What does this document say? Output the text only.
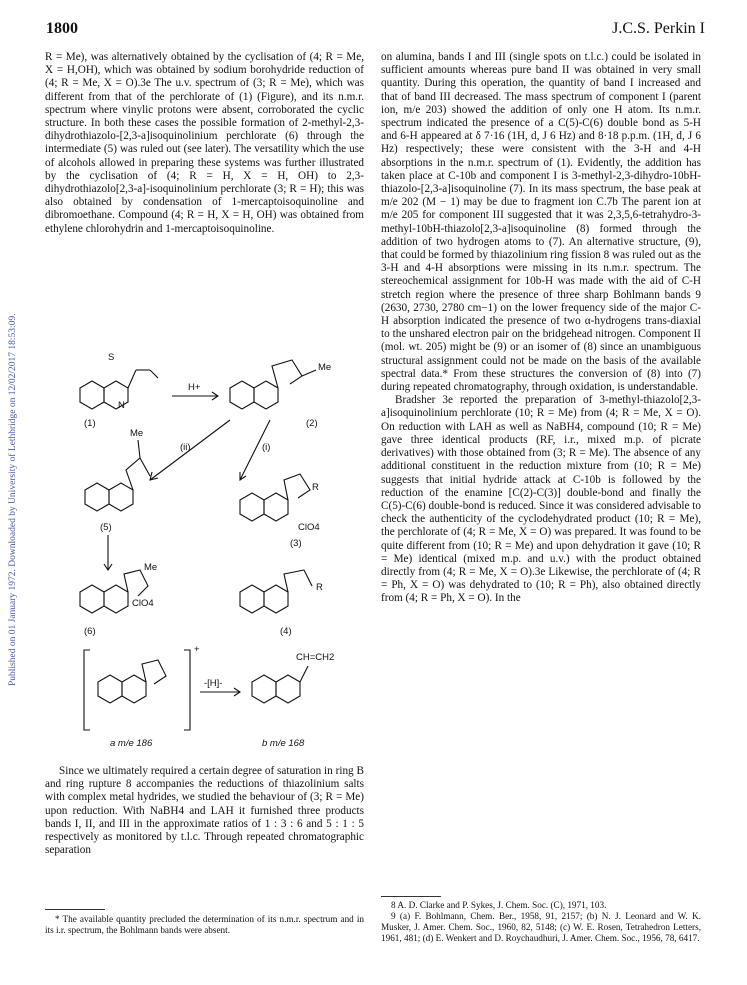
1800	J.C.S. Perkin I
Published on 01 January 1972. Downloaded by University of Lethbridge on 12/02/2017 18:53:09.

R = Me), was alternatively obtained by the cyclisation of (4; R = Me, X = H,OH), which was obtained by sodium borohydride reduction of (4; R = Me, X = O).3e The u.v. spectrum of (3; R = Me), which was different from that of the perchlorate of (1) (Figure), and its n.m.r. spectrum where vinylic protons were absent, corroborated the cyclic structure. In both these cases the possible formation of 2-methyl-2,3-dihydrothiazolo-[2,3-a]isoquinolinium perchlorate (6) through the intermediate (5) was ruled out (see later). The versatility which the use of alcohols allowed in preparing these systems was further illustrated by the cyclisation of (4; R = H, X = H, OH) to 2,3-dihydrothiazolo[2,3-a]-isoquinolinium perchlorate (3; R = H); this was also obtained by condensation of 1-mercaptoisoquinoline and dibromoethane. Compound (4; R = H, X = H, OH) was obtained from ethylene chlorohydrin and 1-mercaptoisoquinoline.

S
N
H+
Me
(1)	(2)
(ii)	(i)
Me
(5)
R
ClO4
(3)
Me
ClO4
(6)
R
(4)
+
CH=CH2
-[H]-
a m/e 186	b m/e 168

Since we ultimately required a certain degree of saturation in ring B and ring rupture 8 accompanies the reductions of thiazolinium salts with complex metal hydrides, we studied the behaviour of (3; R = Me) upon reduction. With NaBH4 and LAH it furnished three products bands I, II, and III in the approximate ratios of 1 : 3 : 6 and 5 : 1 : 5 respectively as monitored by t.l.c. Through repeated chromatographic separation

* The available quantity precluded the determination of its n.m.r. spectrum and in its i.r. spectrum, the Bohlmann bands were absent.

on alumina, bands I and III (single spots on t.l.c.) could be isolated in sufficient amounts whereas pure band II was obtained in very small quantity. During this operation, the quantity of band I increased and that of band III decreased. The mass spectrum of component I (parent ion, m/e 203) showed the addition of only one H atom. Its n.m.r. spectrum indicated the presence of a C(5)-C(6) double bond as 5-H and 6-H appeared at δ 7·16 (1H, d, J 6 Hz) and 8·18 p.p.m. (1H, d, J 6 Hz) respectively; these were consistent with the 3-H and 4-H absorptions in the n.m.r. spectrum of (1). Evidently, the addition has taken place at C-10b and component I is 3-methyl-2,3-dihydro-10bH-thiazolo-[2,3-a]isoquinoline (7). In its mass spectrum, the base peak at m/e 202 (M − 1) may be due to fragment ion C.7b The parent ion at m/e 205 for component III suggested that it was 2,3,5,6-tetrahydro-3-methyl-10bH-thiazolo[2,3-a]isoquinoline (8) formed through the addition of two hydrogen atoms to (7). An alternative structure, (9), that could be formed by thiazolinium ring fission 8 was ruled out as the 3-H and 4-H absorptions were missing in its n.m.r. spectrum. The stereochemical assignment for 10b-H was made with the aid of C-H stretch region where the presence of three sharp Bohlmann bands 9 (2630, 2730, 2780 cm−1) on the lower frequency side of the major C-H absorption indicated the presence of two α-hydrogens trans-diaxial to the unshared electron pair on the bridgehead nitrogen. Component II (mol. wt. 205) might be (9) or an isomer of (8) since an unambiguous structural assignment could not be made on the basis of the available spectral data.* From these structures the conversion of (8) into (7) during repeated chromatography, through oxidation, is understandable.

Bradsher 3e reported the preparation of 3-methyl-thiazolo[2,3-a]isoquinolinium perchlorate (10; R = Me) from (4; R = Me, X = O). On reduction with LAH as well as NaBH4, compound (10; R = Me) gave three identical products (RF, i.r., mixed m.p. of picrate derivatives) with those obtained from (3; R = Me). The absence of any additional constituent in the reduction mixture from (10; R = Me) suggests that initial hydride attack at C-10b is followed by the reduction of the enamine [C(2)-C(3)] double-bond and finally the C(5)-C(6) double-bond is reduced. Since it was considered advisable to check the authenticity of the cyclodehydrated product (10; R = Me), the perchlorate of (4; R = Me, X = O) was prepared. It was found to be quite different from (10; R = Me) and upon dehydration it gave (10; R = Me) identical (mixed m.p. and u.v.) with the product obtained directly from (4; R = Me, X = O).3e Likewise, the perchlorate of (4; R = Ph, X = O) was dehydrated to (10; R = Ph), also obtained directly from (4; R = Ph, X = O). In the

8 A. D. Clarke and P. Sykes, J. Chem. Soc. (C), 1971, 103.

9 (a) F. Bohlmann, Chem. Ber., 1958, 91, 2157; (b) N. J. Leonard and W. K. Musker, J. Amer. Chem. Soc., 1960, 82, 5148; (c) W. E. Rosen, Tetrahedron Letters, 1961, 481; (d) E. Wenkert and D. Roychaudhuri, J. Amer. Chem. Soc., 1956, 78, 6417.
